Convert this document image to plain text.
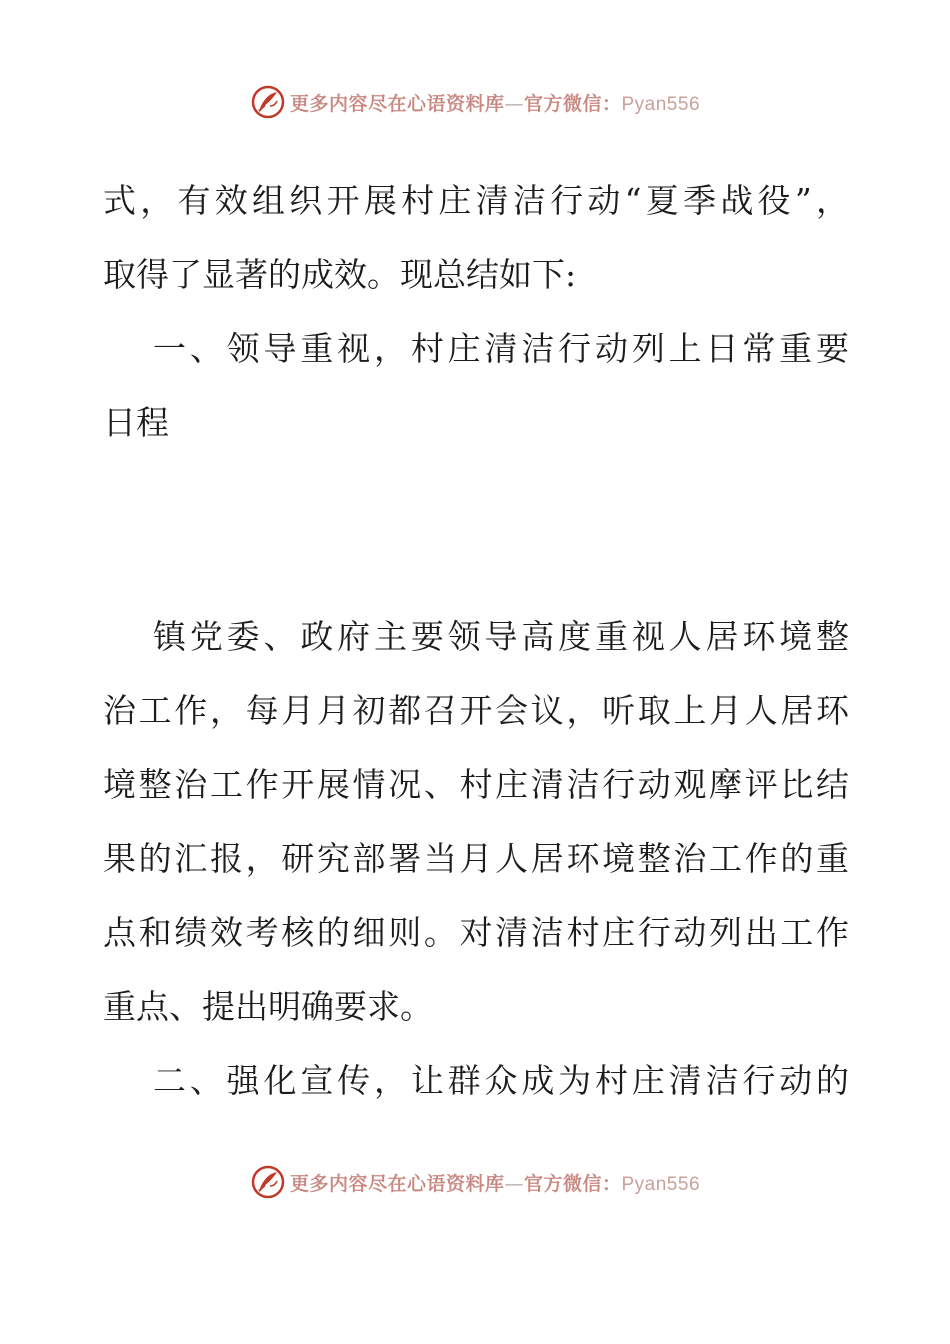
更多内容尽在心语资料库—官方微信：Pyan556
式，有效组织开展村庄清洁行动“夏季战役”，
取得了显著的成效。现总结如下:
一、领导重视，村庄清洁行动列上日常重要
日程
镇党委、政府主要领导高度重视人居环境整
治工作，每月月初都召开会议，听取上月人居环
境整治工作开展情况、村庄清洁行动观摩评比结
果的汇报，研究部署当月人居环境整治工作的重
点和绩效考核的细则。对清洁村庄行动列出工作
重点、提出明确要求。
二、强化宣传，让群众成为村庄清洁行动的
更多内容尽在心语资料库—官方微信：Pyan556
